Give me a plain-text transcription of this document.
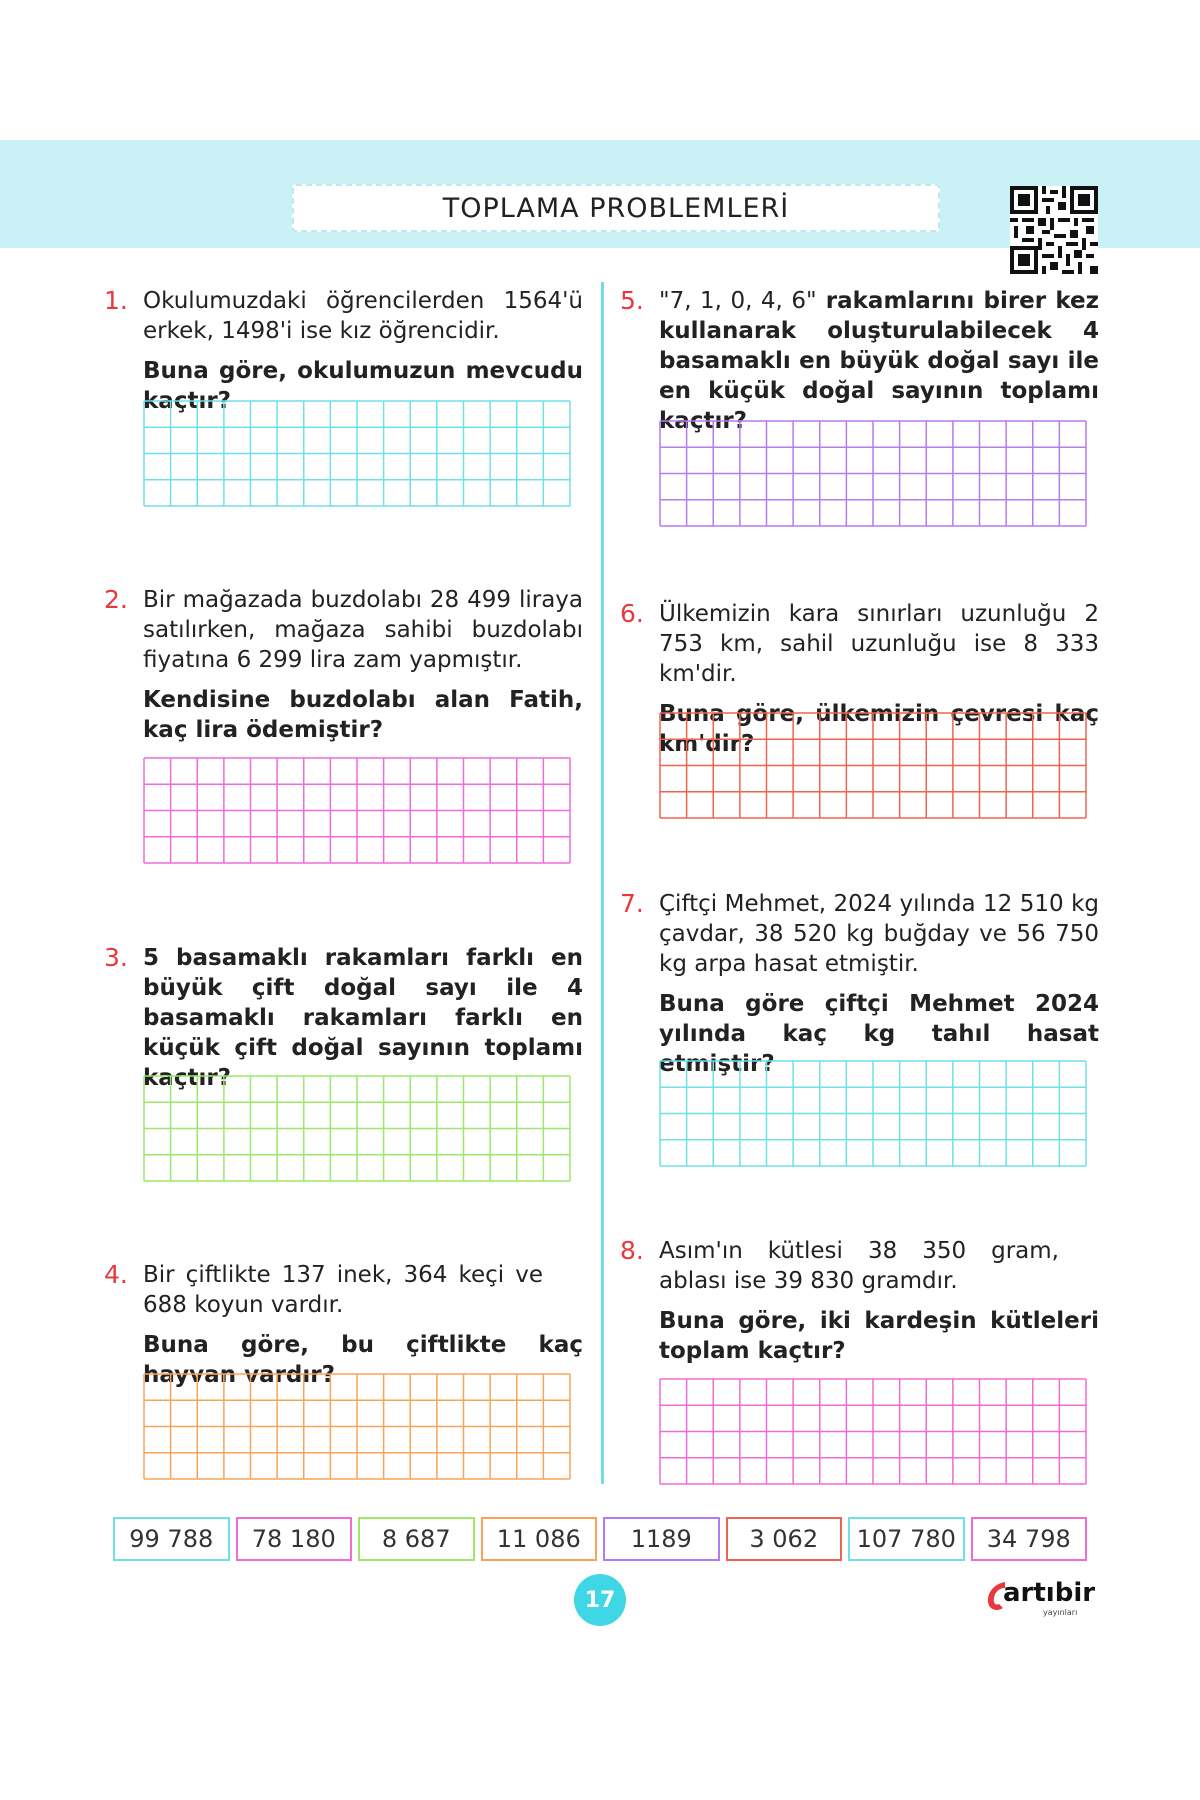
TOPLAMA PROBLEMLERİ
1. Okulumuzdaki öğrencilerden 1564'ü erkek, 1498'i ise kız öğrencidir.

Buna göre, okulumuzun mevcudu kaçtır?

2. Bir mağazada buzdolabı 28 499 liraya satılırken, mağaza sahibi buzdolabı fiyatına 6 299 lira zam yapmıştır.

Kendisine buzdolabı alan Fatih, kaç lira ödemiştir?

3. 5 basamaklı rakamları farklı en büyük çift doğal sayı ile 4 basamaklı rakamları farklı en küçük çift doğal sayının toplamı kaçtır?

4. Bir çiftlikte 137 inek, 364 keçi ve 688 koyun vardır.

Buna göre, bu çiftlikte kaç hayvan vardır?

5. "7, 1, 0, 4, 6" rakamlarını birer kez kullanarak oluşturulabilecek 4 basamaklı en büyük doğal sayı ile en küçük doğal sayının toplamı kaçtır?

6. Ülkemizin kara sınırları uzunluğu 2 753 km, sahil uzunluğu ise 8 333 km'dir.

Buna göre, ülkemizin çevresi kaç km'dir?

7. Çiftçi Mehmet, 2024 yılında 12 510 kg çavdar, 38 520 kg buğday ve 56 750 kg arpa hasat etmiştir.

Buna göre çiftçi Mehmet 2024 yılında kaç kg tahıl hasat etmiştir?

8. Asım'ın kütlesi 38 350 gram, ablası ise 39 830 gramdır.

Buna göre, iki kardeşin kütleleri toplam kaçtır?

99 788 78 180 8 687 11 086 1189 3 062 107 780 34 798
17	artıbir
yayınları
